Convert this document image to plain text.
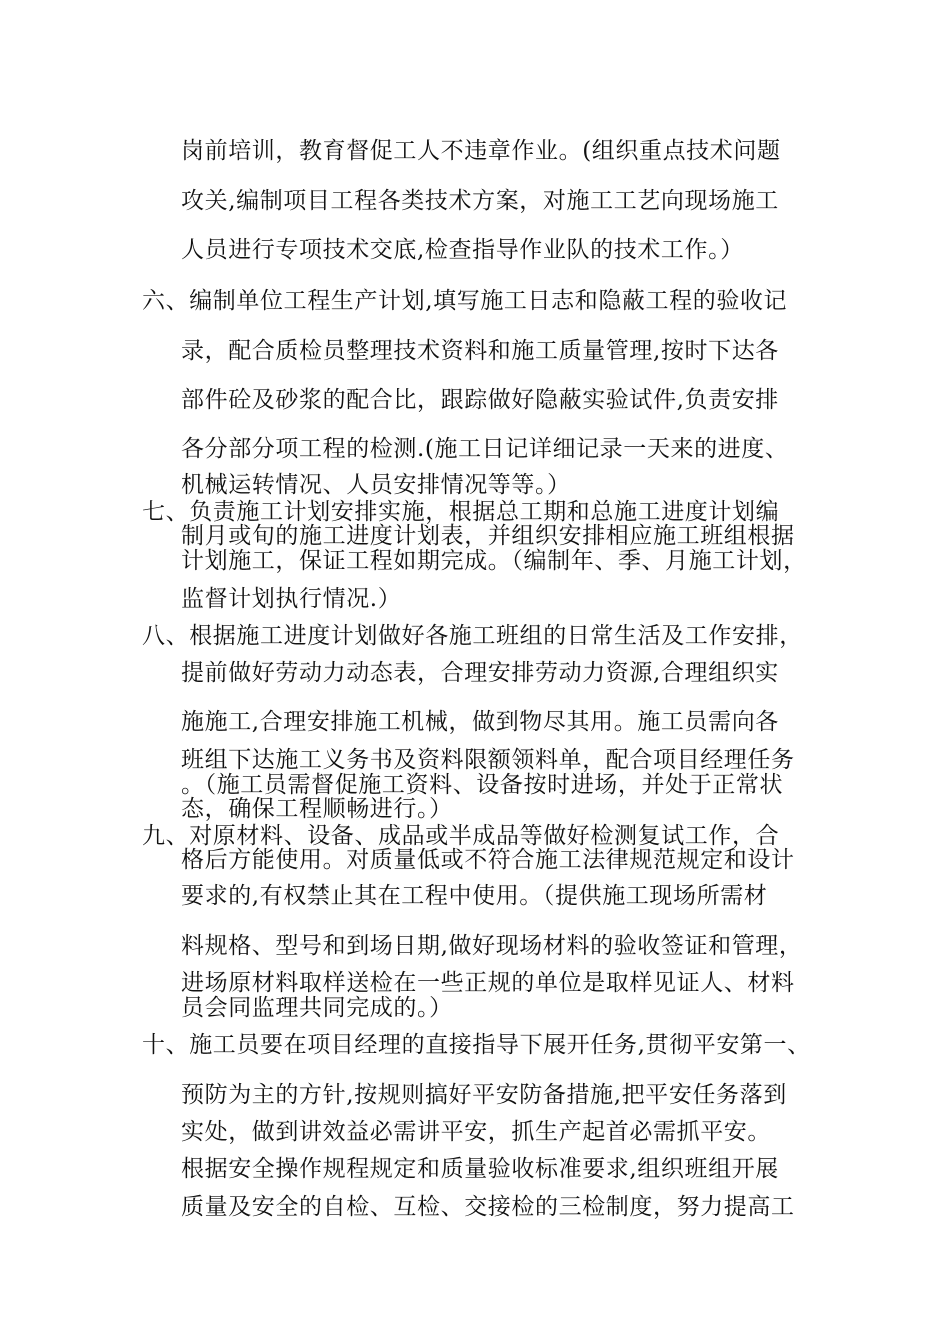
岗前培训，教育督促工人不违章作业。(组织重点技术问题
攻关,编制项目工程各类技术方案，对施工工艺向现场施工
人员进行专项技术交底,检查指导作业队的技术工作。）
六、编制单位工程生产计划,填写施工日志和隐蔽工程的验收记
录，配合质检员整理技术资料和施工质量管理,按时下达各
部件砼及砂浆的配合比，跟踪做好隐蔽实验试件,负责安排
各分部分项工程的检测.(施工日记详细记录一天来的进度、
机械运转情况、人员安排情况等等。）
七、负责施工计划安排实施，根据总工期和总施工进度计划编
制月或旬的施工进度计划表，并组织安排相应施工班组根据
计划施工，保证工程如期完成。（编制年、季、月施工计划，
监督计划执行情况.）
八、根据施工进度计划做好各施工班组的日常生活及工作安排，
提前做好劳动力动态表，合理安排劳动力资源,合理组织实
施施工,合理安排施工机械，做到物尽其用。施工员需向各
班组下达施工义务书及资料限额领料单，配合项目经理任务
。（施工员需督促施工资料、设备按时进场，并处于正常状
态，确保工程顺畅进行。）
九、对原材料、设备、成品或半成品等做好检测复试工作，合
格后方能使用。对质量低或不符合施工法律规范规定和设计
要求的,有权禁止其在工程中使用。（提供施工现场所需材
料规格、型号和到场日期,做好现场材料的验收签证和管理，
进场原材料取样送检在一些正规的单位是取样见证人、材料
员会同监理共同完成的。）
十、施工员要在项目经理的直接指导下展开任务,贯彻平安第一、
预防为主的方针,按规则搞好平安防备措施,把平安任务落到
实处，做到讲效益必需讲平安，抓生产起首必需抓平安。
根据安全操作规程规定和质量验收标准要求,组织班组开展
质量及安全的自检、互检、交接检的三检制度，努力提高工
